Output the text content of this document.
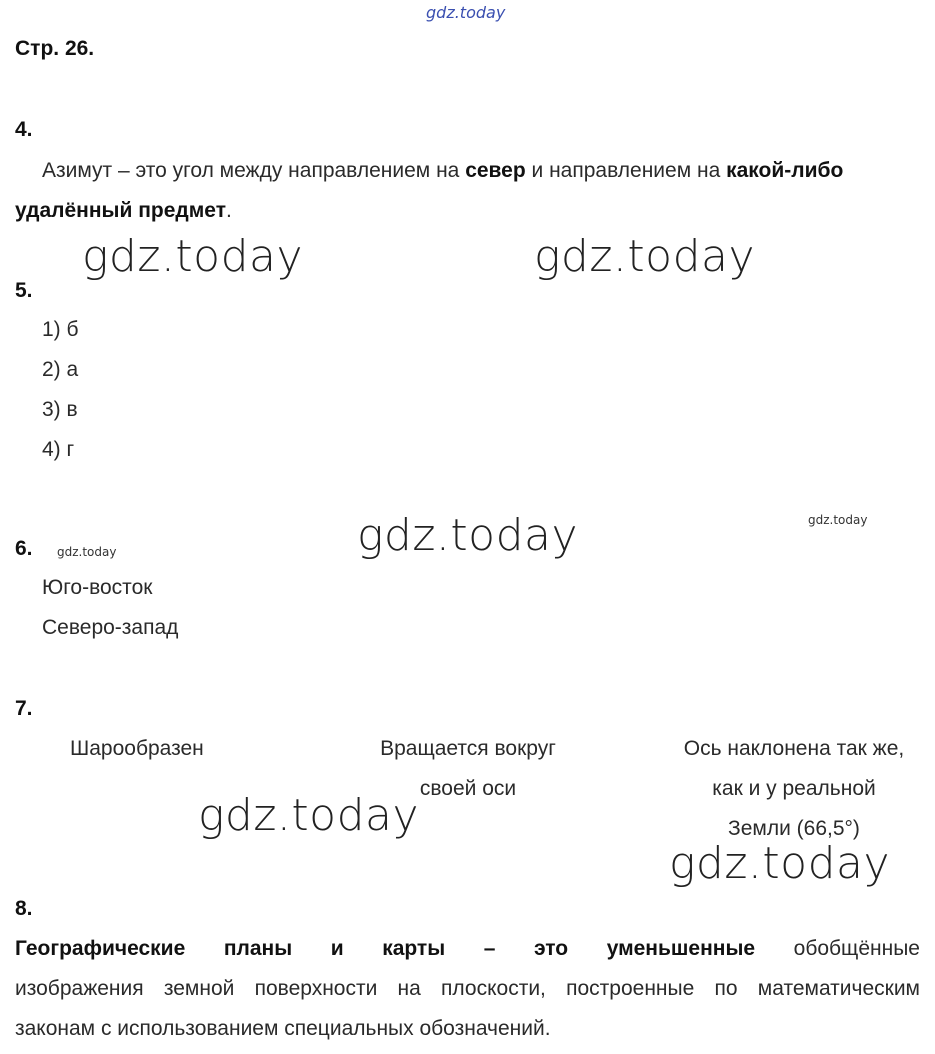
gdz.today
Стр. 26.
4.
Азимут – это угол между направлением на север и направлением на какой-либо
удалённый предмет.
gdz.today	gdz.today
5.
1) б
2) а
3) в
4) г
gdz.today
gdz.today
gdz.today
6.
Юго-восток
Северо-запад
7.
Шарообразен	Вращается вокруг
своей оси
Ось наклонена так же,
как и у реальной
Земли (66,5°)
gdz.today
gdz.today
8.
Географические планы и карты – это уменьшенные обобщённые
изображения земной поверхности на плоскости, построенные по математическим
законам с использованием специальных обозначений.
